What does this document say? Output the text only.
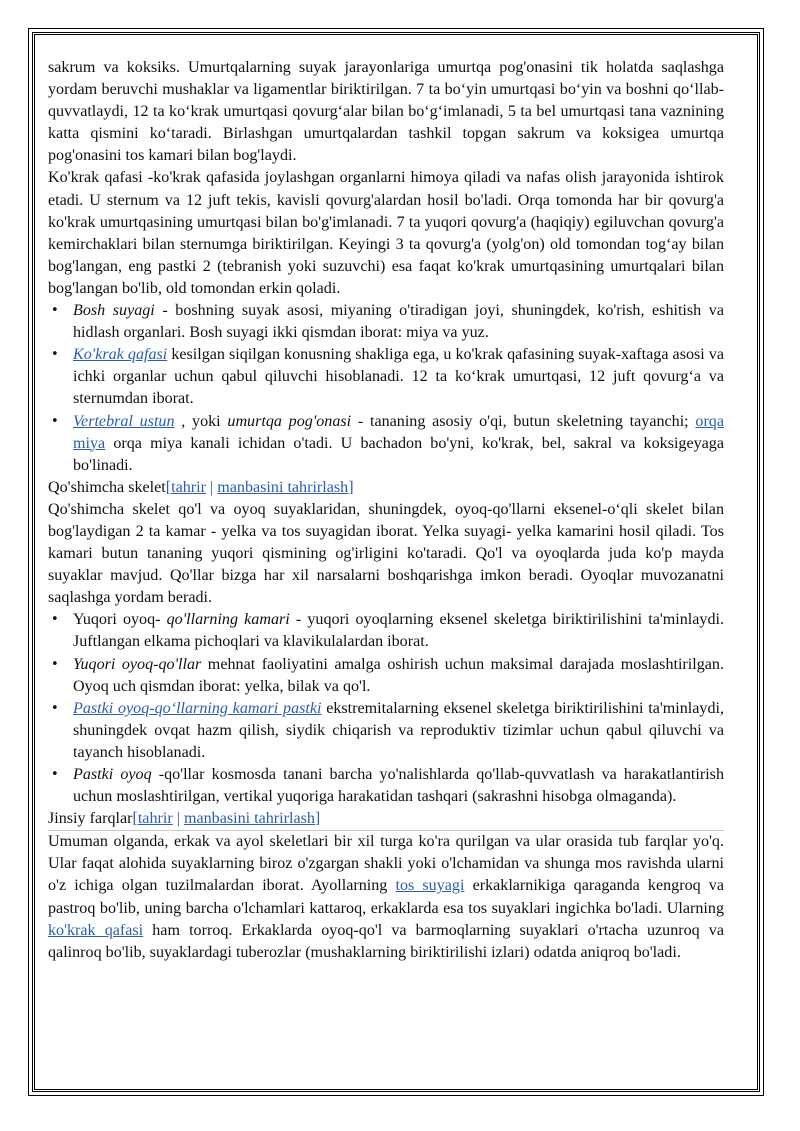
sakrum va koksiks. Umurtqalarning suyak jarayonlariga umurtqa pog'onasini tik holatda saqlashga yordam beruvchi mushaklar va ligamentlar biriktirilgan. 7 ta bo‘yin umurtqasi bo‘yin va boshni qo‘llab-quvvatlaydi, 12 ta ko‘krak umurtqasi qovurg‘alar bilan bo‘g‘imlanadi, 5 ta bel umurtqasi tana vaznining katta qismini ko‘taradi. Birlashgan umurtqalardan tashkil topgan sakrum va koksigea umurtqa pog'onasini tos kamari bilan bog'laydi.

Ko'krak qafasi -ko'krak qafasida joylashgan organlarni himoya qiladi va nafas olish jarayonida ishtirok etadi. U sternum va 12 juft tekis, kavisli qovurg'alardan hosil bo'ladi. Orqa tomonda har bir qovurg'a ko'krak umurtqasining umurtqasi bilan bo'g'imlanadi. 7 ta yuqori qovurg'a (haqiqiy) egiluvchan qovurg'a kemirchaklari bilan sternumga biriktirilgan. Keyingi 3 ta qovurg'a (yolg'on) old tomondan tog‘ay bilan bog'langan, eng pastki 2 (tebranish yoki suzuvchi) esa faqat ko'krak umurtqasining umurtqalari bilan bog'langan bo'lib, old tomondan erkin qoladi.

• Bosh suyagi - boshning suyak asosi, miyaning o'tiradigan joyi, shuningdek, ko'rish, eshitish va hidlash organlari. Bosh suyagi ikki qismdan iborat: miya va yuz.
• Ko'krak qafasi kesilgan siqilgan konusning shakliga ega, u ko'krak qafasining suyak-xaftaga asosi va ichki organlar uchun qabul qiluvchi hisoblanadi. 12 ta ko‘krak umurtqasi, 12 juft qovurg‘a va sternumdan iborat.
• Vertebral ustun , yoki umurtqa pog'onasi - tananing asosiy o'qi, butun skeletning tayanchi; orqa miya orqa miya kanali ichidan o'tadi. U bachadon bo'yni, ko'krak, bel, sakral va koksigeyaga bo'linadi.

Qo'shimcha skelet[tahrir | manbasini tahrirlash]

Qo'shimcha skelet qo'l va oyoq suyaklaridan, shuningdek, oyoq-qo'llarni eksenel-o‘qli skelet bilan bog'laydigan 2 ta kamar - yelka va tos suyagidan iborat. Yelka suyagi- yelka kamarini hosil qiladi. Tos kamari butun tananing yuqori qismining og'irligini ko'taradi. Qo'l va oyoqlarda juda ko'p mayda suyaklar mavjud. Qo'llar bizga har xil narsalarni boshqarishga imkon beradi. Oyoqlar muvozanatni saqlashga yordam beradi.

• Yuqori oyoq- qo'llarning kamari - yuqori oyoqlarning eksenel skeletga biriktirilishini ta'minlaydi. Juftlangan elkama pichoqlari va klavikulalardan iborat.
• Yuqori oyoq-qo'llar mehnat faoliyatini amalga oshirish uchun maksimal darajada moslashtirilgan. Oyoq uch qismdan iborat: yelka, bilak va qo'l.
• Pastki oyoq-qo‘llarning kamari pastki ekstremitalarning eksenel skeletga biriktirilishini ta'minlaydi, shuningdek ovqat hazm qilish, siydik chiqarish va reproduktiv tizimlar uchun qabul qiluvchi va tayanch hisoblanadi.
• Pastki oyoq -qo'llar kosmosda tanani barcha yo'nalishlarda qo'llab-quvvatlash va harakatlantirish uchun moslashtirilgan, vertikal yuqoriga harakatidan tashqari (sakrashni hisobga olmaganda).

Jinsiy farqlar[tahrir | manbasini tahrirlash]

Umuman olganda, erkak va ayol skeletlari bir xil turga ko'ra qurilgan va ular orasida tub farqlar yo'q. Ular faqat alohida suyaklarning biroz o'zgargan shakli yoki o'lchamidan va shunga mos ravishda ularni o'z ichiga olgan tuzilmalardan iborat. Ayollarning tos suyagi erkaklarnikiga qaraganda kengroq va pastroq bo'lib, uning barcha o'lchamlari kattaroq, erkaklarda esa tos suyaklari ingichka bo'ladi. Ularning ko'krak qafasi ham torroq. Erkaklarda oyoq-qo'l va barmoqlarning suyaklari o'rtacha uzunroq va qalinroq bo'lib, suyaklardagi tuberozlar (mushaklarning biriktirilishi izlari) odatda aniqroq bo'ladi.
